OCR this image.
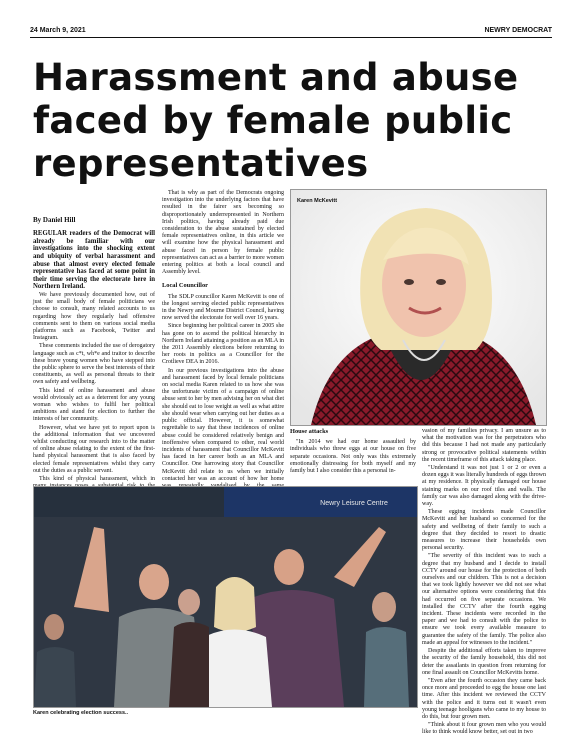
24 March 9, 2021	NEWRY DEMOCRAT
Harassment and abuse faced by female public representatives
By Daniel Hill

REGULAR readers of the Democrat will already be familiar with our investigations into the shocking extent and ubiquity of verbal harassment and abuse that almost every elected female representative has faced at some point in their time serving the electorate here in Northern Ireland.

We have previously documented how, out of just the small body of female politicians we choose to consult, many related accounts to us regarding how they regularly had offensive comments sent to them on various social media platforms such as Facebook, Twitter and Instagram.

These comments included the use of derogatory language such as c*t, wh*e and traitor to describe these brave young women who have stepped into the public sphere to serve the best interests of their constituents, as well as personal threats to their own safety and wellbeing.

This kind of online harassment and abuse would obviously act as a deterrent for any young woman who wishes to fulfil her political ambitions and stand for election to further the interests of her community.

However, what we have yet to report upon is the additional information that we uncovered whilst conducting our research into to the matter of online abuse relating to the extent of the first-hand physical harassment that is also faced by elected female representatives whilst they carry out the duties as a public servant.

This kind of physical harassment, which in

That is why as part of the Democrats ongoing investigation into the underlying factors that have resulted in the fairer sex becoming so disproportionately underrepresented in Northern Irish politics, having already paid due consideration to the abuse sustained by elected female representatives online, in this article we will examine how the physical harassment and abuse faced in person by female public representatives can act as a barrier to more women entering politics at both a local council and Assembly level.

Local Councillor

The SDLP councillor Karen McKevitt is one of the longest serving elected public representatives in the Newry and Mourne District Council, having now served the electorate for well over 16 years.

Since beginning her political career in 2005 she has gone on to ascend the political hierarchy in Northern Ireland attaining a position as an MLA in the 2011 Assembly elections before returning to her roots in politics as a Councillor for the Crotlieve DEA in 2016.

In our previous investigations into the abuse and harassment faced by local female politicians on social media Karen related to us how she was the unfortunate victim of a campaign of online abuse sent to her by men advising her on what diet she should eat to lose weight as well as what attire she should wear when carrying out her duties as a public official. However, it is somewhat regrettable to say that these incidences of online abuse could be considered relatively benign and inoffensive when compared to other, real world incidents of harassment that Councillor McKevitt has faced in her career both as an MLA and Councillor. One harrowing story that Councillor McKevitt did relate to us when we initially contacted her was an account of how her home

Karen McKevitt
House attacks

"In 2014 we had our home assaulted by individuals who threw eggs at our house on five separate occasions. Not only was this extremely emotionally distressing for both myself and my family but I also consider this a personal in-

vasion of my families privacy. I am unsure as to what the motivation was for the perpetrators who did this because I had not made any particularly strong or provocative political statements within the recent timeframe of this attack taking place.

"Understand it was not just 1 or 2 or even a dozen eggs it was literally hundreds of eggs thrown at my residence. It physically damaged our house staining marks on our roof tiles and walls. The family car was also damaged along with the drive-way.

These egging incidents made Councillor McKevitt and her husband so concerned for the safety and wellbeing of their family to such a degree that they decided to resort to drastic measures to increase their households own personal security.

"The severity of this incident was to such a degree that my husband and I decide to install CCTV around our house for the protection of both ourselves and our children. This is not a decision that we took lightly however we did not see what our alternative options were considering that this had occurred on five separate occasions. We installed the CCTV after the fourth egging incident. These incidents were recorded in the paper and we had to consult with the police to ensure we took every available measure to guarantee the safety of the family. The police also made an appeal for witnesses to the incident."

Despite the additional efforts taken to improve the security of the family household, this did not deter the assailants in question from returning for one final assault on Councillor McKevitts home.

"Even after the fourth occasion they came back once more and proceeded to egg the house one last time. After this incident we reviewed the CCTV with the police and it turns out it wasn't even young teenage hooligans who came to my house to do this, but four grown men.

"Think about it four grown men who you would like to think would know better, set out in two

Newry Leisure Centre
Karen celebrating election success..
